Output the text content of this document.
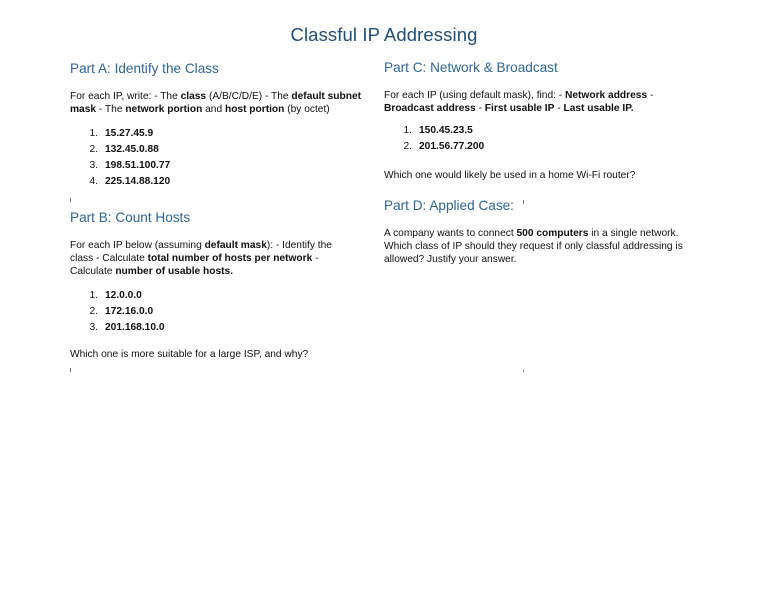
Classful IP Addressing
Part A: Identify the Class

For each IP, write: - The class (A/B/C/D/E) - The default subnet mask - The network portion and host portion (by octet)

1. 15.27.45.9
2. 132.45.0.88
3. 198.51.100.77
4. 225.14.88.120
Part B: Count Hosts

For each IP below (assuming default mask): - Identify the class - Calculate total number of hosts per network - Calculate number of usable hosts.

1. 12.0.0.0
2. 172.16.0.0
3. 201.168.10.0

Which one is more suitable for a large ISP, and why?

Part C: Network & Broadcast

For each IP (using default mask), find: - Network address - Broadcast address - First usable IP - Last usable IP.

1. 150.45.23.5
2. 201.56.77.200

Which one would likely be used in a home Wi-Fi router?

Part D: Applied Case:

A company wants to connect 500 computers in a single network. Which class of IP should they request if only classful addressing is allowed? Justify your answer.
